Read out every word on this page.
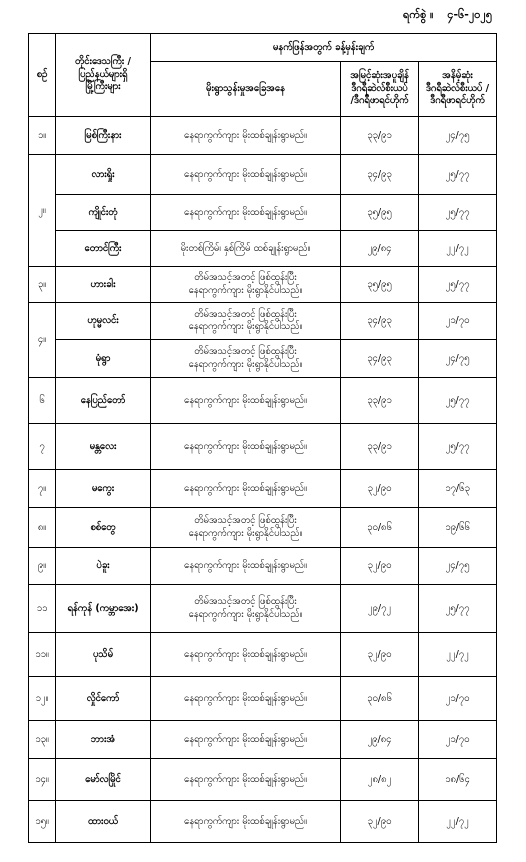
ရက်စွဲ ။ ၄-၆-၂၀၂၅
စဉ်	တိုင်းဒေသကြီး /
ပြည်နယ်များရှိ
မြို့ကြီးများ	မနက်ဖြန်အတွက် ခန့်မှန်းချက်		
		မိုးရွာသွန်းမှုအခြေအနေ	အမြင့်ဆုံးအပူချိန်
ဒီဂရီဆဲလ်စီးယပ်
/ဒီဂရီဖာရင်ဟိုက်	အနိမ့်ဆုံး
ဒီဂရီဆဲလ်စီးယပ် /
ဒီဂရီဖာရင်ဟိုက်
၁။	မြစ်ကြီးနား	နေရာကွက်ကျား မိုးထစ်ချုန်းရွာမည်။	၃၃/၉၁	၂၄/၇၅
၂။	လားရှိုး	နေရာကွက်ကျား မိုးထစ်ချုန်းရွာမည်။	၃၄/၉၃	၂၅/၇၇
	ကျိုင်းတုံ	နေရာကွက်ကျား မိုးထစ်ချုန်းရွာမည်။	၃၅/၉၅	၂၅/၇၇
	တောင်ကြီး	မိုးတစ်ကြိမ်၊ နှစ်ကြိမ် ထစ်ချုန်းရွာမည်။	၂၉/၈၄	၂၂/၇၂
၃။	ဟားခါး	တိမ်အသင့်အတင့် ဖြစ်ထွန်းပြီး
နေရာကွက်ကျား မိုးရွာနိုင်ပါသည်။	၃၅/၉၅	၂၅/၇၇
၄။	ဟုမ္မလင်း	တိမ်အသင့်အတင့် ဖြစ်ထွန်းပြီး
နေရာကွက်ကျား မိုးရွာနိုင်ပါသည်။	၃၄/၉၃	၂၁/၇၀
	မုံရွာ	တိမ်အသင့်အတင့် ဖြစ်ထွန်းပြီး
နေရာကွက်ကျား မိုးရွာနိုင်ပါသည်။	၃၄/၉၃	၂၄/၇၅
၆	နေပြည်တော်	နေရာကွက်ကျား မိုးထစ်ချုန်းရွာမည်။	၃၃/၉၁	၂၅/၇၇
၇	မန္တလေး	နေရာကွက်ကျား မိုးထစ်ချုန်းရွာမည်။	၃၃/၉၁	၂၅/၇၇
၇။	မကွေး	နေရာကွက်ကျား မိုးထစ်ချုန်းရွာမည်။	၃၂/၉၀	၁၇/၆၃
၈။	စစ်တွေ	တိမ်အသင့်အတင့် ဖြစ်ထွန်းပြီး
နေရာကွက်ကျား မိုးရွာနိုင်ပါသည်။	၃၀/၈၆	၁၉/၆၆
၉။	ပဲခူး	နေရာကွက်ကျား မိုးထစ်ချုန်းရွာမည်။	၃၂/၉၀	၂၄/၇၅
၁၁	ရန်ကုန် (ကမ္ဘာအေး)	တိမ်အသင့်အတင့် ဖြစ်ထွန်းပြီး
နေရာကွက်ကျား မိုးရွာနိုင်ပါသည်။	၂၉/၇၂	၂၅/၇၇
၁၁။	ပုသိမ်	နေရာကွက်ကျား မိုးထစ်ချုန်းရွာမည်။	၃၂/၉၀	၂၂/၇၂
၁၂။	လှိုင်ကော်	နေရာကွက်ကျား မိုးထစ်ချုန်းရွာမည်။	၃၀/၈၆	၂၁/၇၀
၁၃။	ဘားအံ	နေရာကွက်ကျား မိုးထစ်ချုန်းရွာမည်။	၂၉/၈၄	၂၁/၇၀
၁၄။	မော်လမြိုင်	နေရာကွက်ကျား မိုးထစ်ချုန်းရွာမည်။	၂၈/၈၂	၁၈/၆၄
၁၅။	ထားဝယ်	နေရာကွက်ကျား မိုးထစ်ချုန်းရွာမည်။	၃၂/၉၀	၂၂/၇၂
